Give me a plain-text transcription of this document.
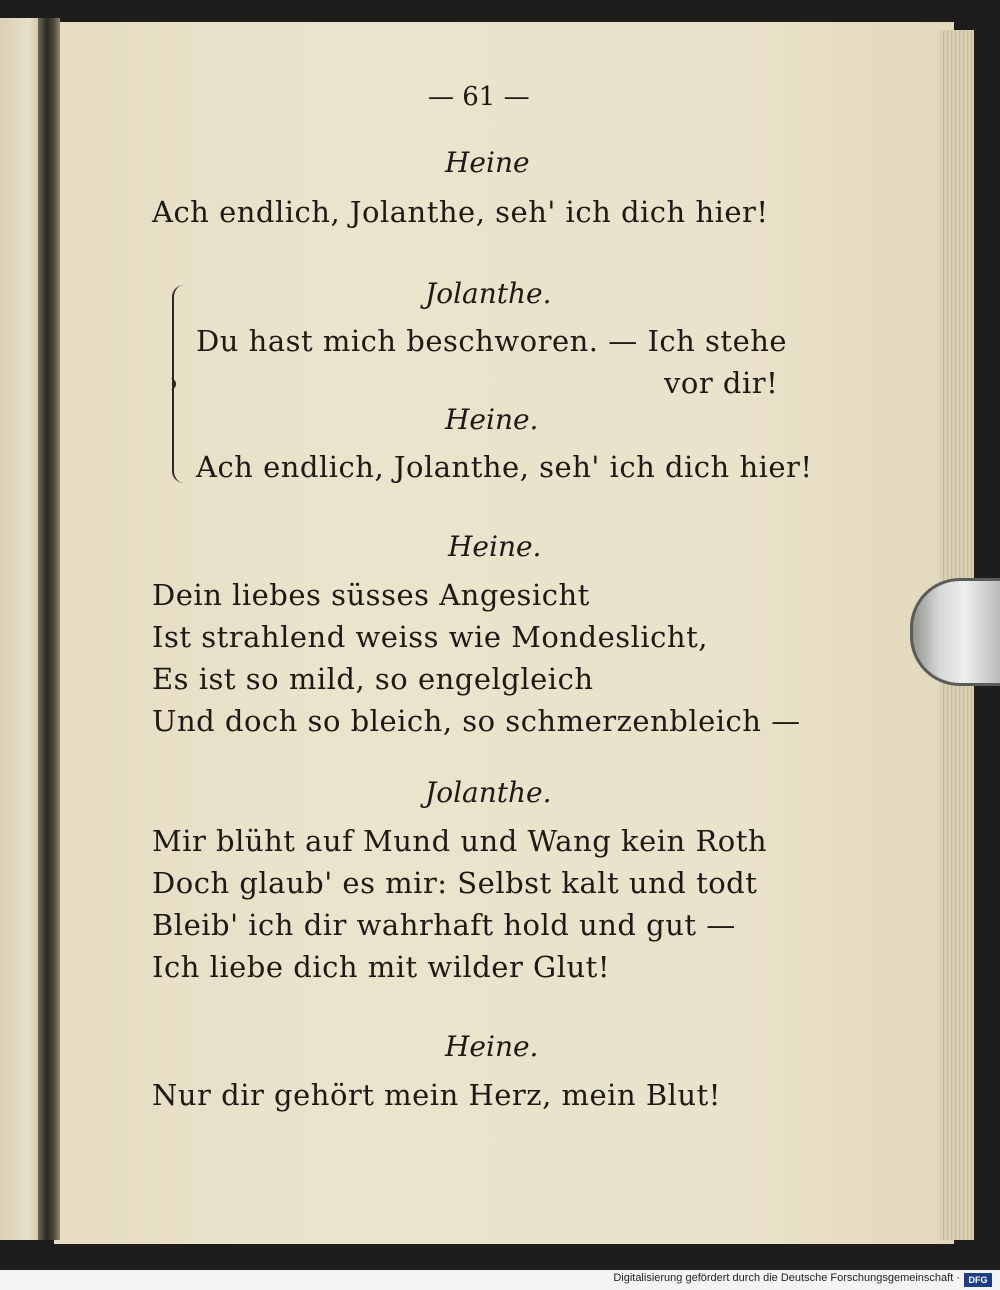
— 61 —
Heine
Ach endlich, Jolanthe, seh' ich dich hier!
Jolanthe.
Du hast mich beschworen. — Ich stehe
vor dir!
Heine.
Ach endlich, Jolanthe, seh' ich dich hier!
Heine.
Dein liebes süsses Angesicht
Ist strahlend weiss wie Mondeslicht,
Es ist so mild, so engelgleich
Und doch so bleich, so schmerzenbleich —
Jolanthe.
Mir blüht auf Mund und Wang kein Roth
Doch glaub' es mir: Selbst kalt und todt
Bleib' ich dir wahrhaft hold und gut —
Ich liebe dich mit wilder Glut!
Heine.
Nur dir gehört mein Herz, mein Blut!
Digitalisierung gefördert durch die Deutsche Forschungsgemeinschaft · DFG
